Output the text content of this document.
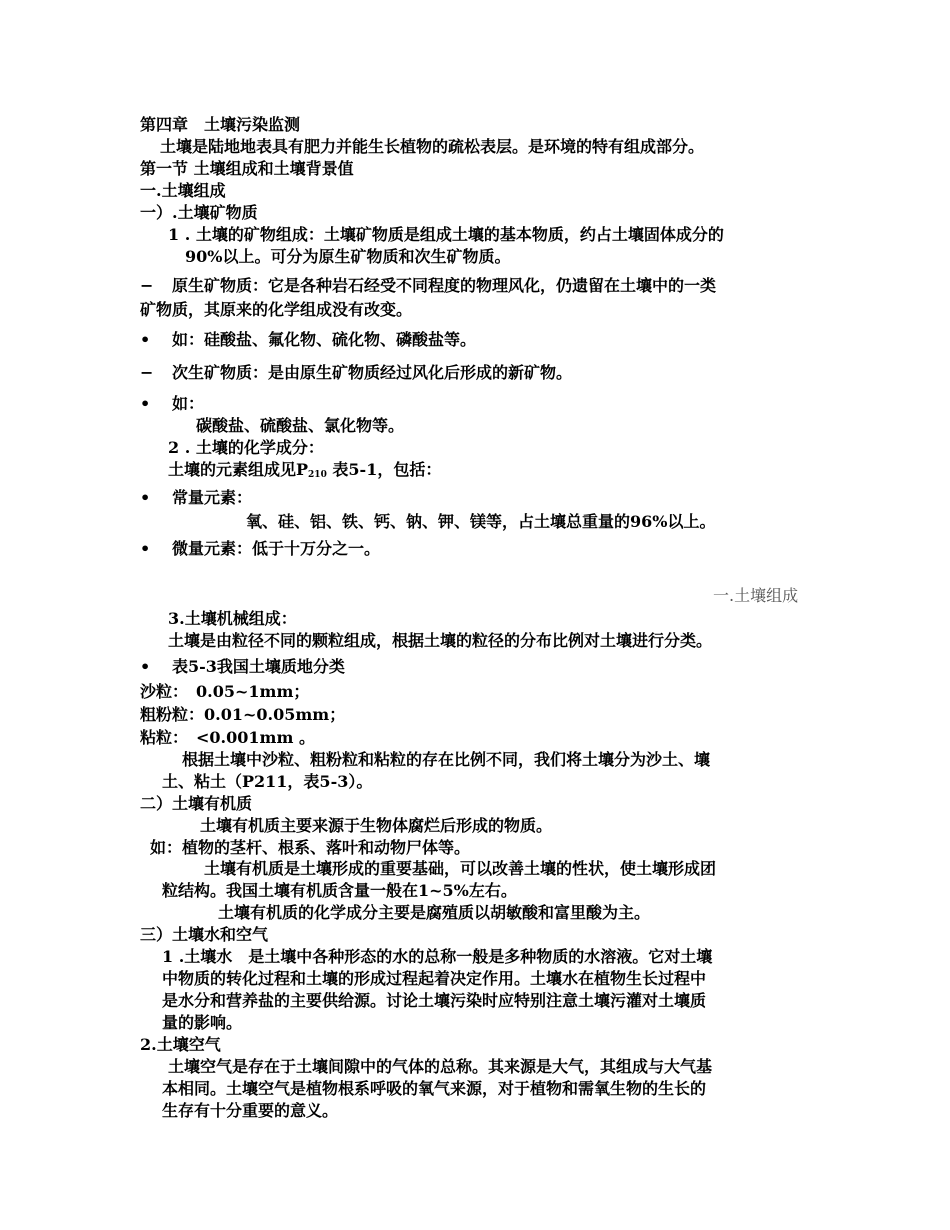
第四章　土壤污染监测
土壤是陆地地表具有肥力并能生长植物的疏松表层。是环境的特有组成部分。
第一节 土壤组成和土壤背景值
一.土壤组成
一）.土壤矿物质
1 . 土壤的矿物组成：土壤矿物质是组成土壤的基本物质，约占土壤固体成分的
90%以上。可分为原生矿物质和次生矿物质。
− 原生矿物质：它是各种岩石经受不同程度的物理风化，仍遗留在土壤中的一类
矿物质，其原来的化学组成没有改变。
• 如：硅酸盐、氟化物、硫化物、磷酸盐等。
− 次生矿物质：是由原生矿物质经过风化后形成的新矿物。
• 如：
碳酸盐、硫酸盐、氯化物等。
2 . 土壤的化学成分：
土壤的元素组成见$P_{210}$ 表5-1，包括：
• 常量元素：
氧、硅、铝、铁、钙、钠、钾、镁等，占土壤总重量的96%以上。
• 微量元素：低于十万分之一。
一.土壤组成
3.土壤机械组成：
土壤是由粒径不同的颗粒组成，根据土壤的粒径的分布比例对土壤进行分类。
• 表5-3我国土壤质地分类
沙粒：　0.05~1mm；
粗粉粒：0.01~0.05mm；
粘粒：　<0.001mm 。
根据土壤中沙粒、粗粉粒和粘粒的存在比例不同，我们将土壤分为沙土、壤
土、粘土（P211，表5-3）。
二）土壤有机质
土壤有机质主要来源于生物体腐烂后形成的物质。
如：植物的茎杆、根系、落叶和动物尸体等。
土壤有机质是土壤形成的重要基础，可以改善土壤的性状，使土壤形成团
粒结构。我国土壤有机质含量一般在1~5%左右。
土壤有机质的化学成分主要是腐殖质以胡敏酸和富里酸为主。
三）土壤水和空气
1 .土壤水　是土壤中各种形态的水的总称一般是多种物质的水溶液。它对土壤
中物质的转化过程和土壤的形成过程起着决定作用。土壤水在植物生长过程中
是水分和营养盐的主要供给源。讨论土壤污染时应特别注意土壤污灌对土壤质
量的影响。
2.土壤空气
土壤空气是存在于土壤间隙中的气体的总称。其来源是大气，其组成与大气基
本相同。土壤空气是植物根系呼吸的氧气来源，对于植物和需氧生物的生长的
生存有十分重要的意义。
